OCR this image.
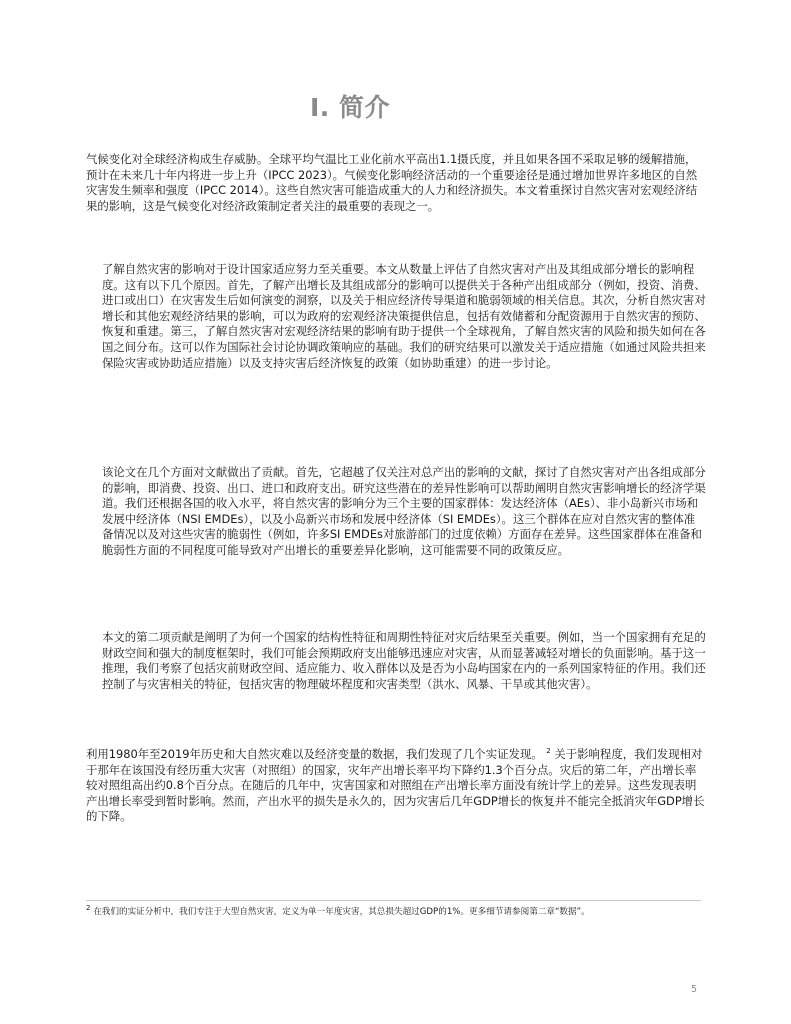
I. 简介

气候变化对全球经济构成生存威胁。全球平均气温比工业化前水平高出1.1摄氏度，并且如果各国不采取足够的缓解措施，预计在未来几十年内将进一步上升（IPCC 2023）。气候变化影响经济活动的一个重要途径是通过增加世界许多地区的自然灾害发生频率和强度（IPCC 2014）。这些自然灾害可能造成重大的人力和经济损失。本文着重探讨自然灾害对宏观经济结果的影响，这是气候变化对经济政策制定者关注的最重要的表现之一。

了解自然灾害的影响对于设计国家适应努力至关重要。本文从数量上评估了自然灾害对产出及其组成部分增长的影响程度。这有以下几个原因。首先，了解产出增长及其组成部分的影响可以提供关于各种产出组成部分（例如，投资、消费、进口或出口）在灾害发生后如何演变的洞察，以及关于相应经济传导渠道和脆弱领域的相关信息。其次，分析自然灾害对增长和其他宏观经济结果的影响，可以为政府的宏观经济决策提供信息，包括有效储蓄和分配资源用于自然灾害的预防、恢复和重建。第三，了解自然灾害对宏观经济结果的影响有助于提供一个全球视角，了解自然灾害的风险和损失如何在各国之间分布。这可以作为国际社会讨论协调政策响应的基础。我们的研究结果可以激发关于适应措施（如通过风险共担来保险灾害或协助适应措施）以及支持灾害后经济恢复的政策（如协助重建）的进一步讨论。

该论文在几个方面对文献做出了贡献。首先，它超越了仅关注对总产出的影响的文献，探讨了自然灾害对产出各组成部分的影响，即消费、投资、出口、进口和政府支出。研究这些潜在的差异性影响可以帮助阐明自然灾害影响增长的经济学渠道。我们还根据各国的收入水平，将自然灾害的影响分为三个主要的国家群体：发达经济体（AEs）、非小岛新兴市场和发展中经济体（NSI EMDEs），以及小岛新兴市场和发展中经济体（SI EMDEs）。这三个群体在应对自然灾害的整体准备情况以及对这些灾害的脆弱性（例如，许多SI EMDEs对旅游部门的过度依赖）方面存在差异。这些国家群体在准备和脆弱性方面的不同程度可能导致对产出增长的重要差异化影响，这可能需要不同的政策反应。

本文的第二项贡献是阐明了为何一个国家的结构性特征和周期性特征对灾后结果至关重要。例如，当一个国家拥有充足的财政空间和强大的制度框架时，我们可能会预期政府支出能够迅速应对灾害，从而显著减轻对增长的负面影响。基于这一推理，我们考察了包括灾前财政空间、适应能力、收入群体以及是否为小岛屿国家在内的一系列国家特征的作用。我们还控制了与灾害相关的特征，包括灾害的物理破坏程度和灾害类型（洪水、风暴、干旱或其他灾害）。

利用1980年至2019年历史和大自然灾难以及经济变量的数据，我们发现了几个实证发现。 $^2$ 关于影响程度，我们发现相对于那年在该国没有经历重大灾害（对照组）的国家，灾年产出增长率平均下降约1.3个百分点。灾后的第二年，产出增长率较对照组高出约0.8个百分点。在随后的几年中，灾害国家和对照组在产出增长率方面没有统计学上的差异。这些发现表明产出增长率受到暂时影响。然而，产出水平的损失是永久的，因为灾害后几年GDP增长的恢复并不能完全抵消灾年GDP增长的下降。

$^2$ 在我们的实证分析中，我们专注于大型自然灾害，定义为单一年度灾害，其总损失超过GDP的1%。更多细节请参阅第二章“数据”。

5
